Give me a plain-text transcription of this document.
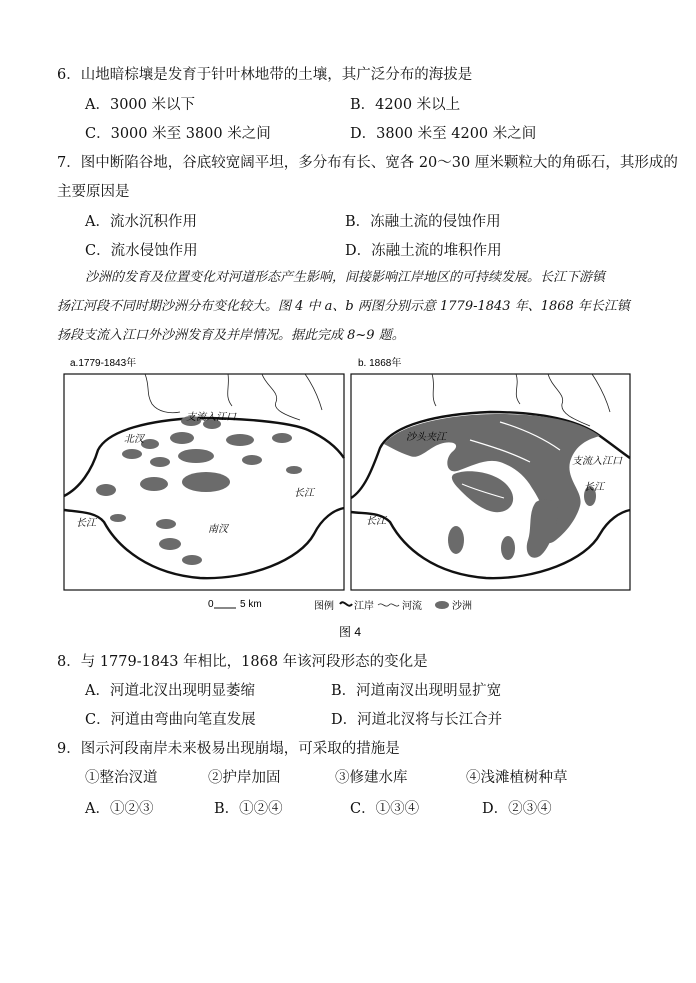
6．山地暗棕壤是发育于针叶林地带的土壤，其广泛分布的海拔是
A．3000 米以下	B．4200 米以上
C．3000 米至 3800 米之间	D．3800 米至 4200 米之间
7．图中断陷谷地，谷底较宽阔平坦，多分布有长、宽各 20～30 厘米颗粒大的角砾石，其形成的
主要原因是
A．流水沉积作用	B．冻融土流的侵蚀作用
C．流水侵蚀作用	D．冻融土流的堆积作用
沙洲的发育及位置变化对河道形态产生影响，间接影响江岸地区的可持续发展。长江下游镇
扬江河段不同时期沙洲分布变化较大。图 4 中 a、b 两图分别示意 1779-1843 年、1868 年长江镇
扬段支流入江口外沙洲发育及并岸情况。据此完成 8~9 题。
a.1779-1843年
支流入江口
北汊
南汊
长江
长江
b. 1868年
沙头夹江
支流入江口
长江
长江
0	5 km	图例 江岸	河流	沙洲
图 4
8．与 1779-1843 年相比，1868 年该河段形态的变化是
A．河道北汊出现明显萎缩	B．河道南汊出现明显扩宽
C．河道由弯曲向笔直发展	D．河道北汊将与长江合并
9．图示河段南岸未来极易出现崩塌，可采取的措施是
①整治汊道	②护岸加固	③修建水库	④浅滩植树种草
A．①②③	B．①②④	C．①③④	D．②③④
